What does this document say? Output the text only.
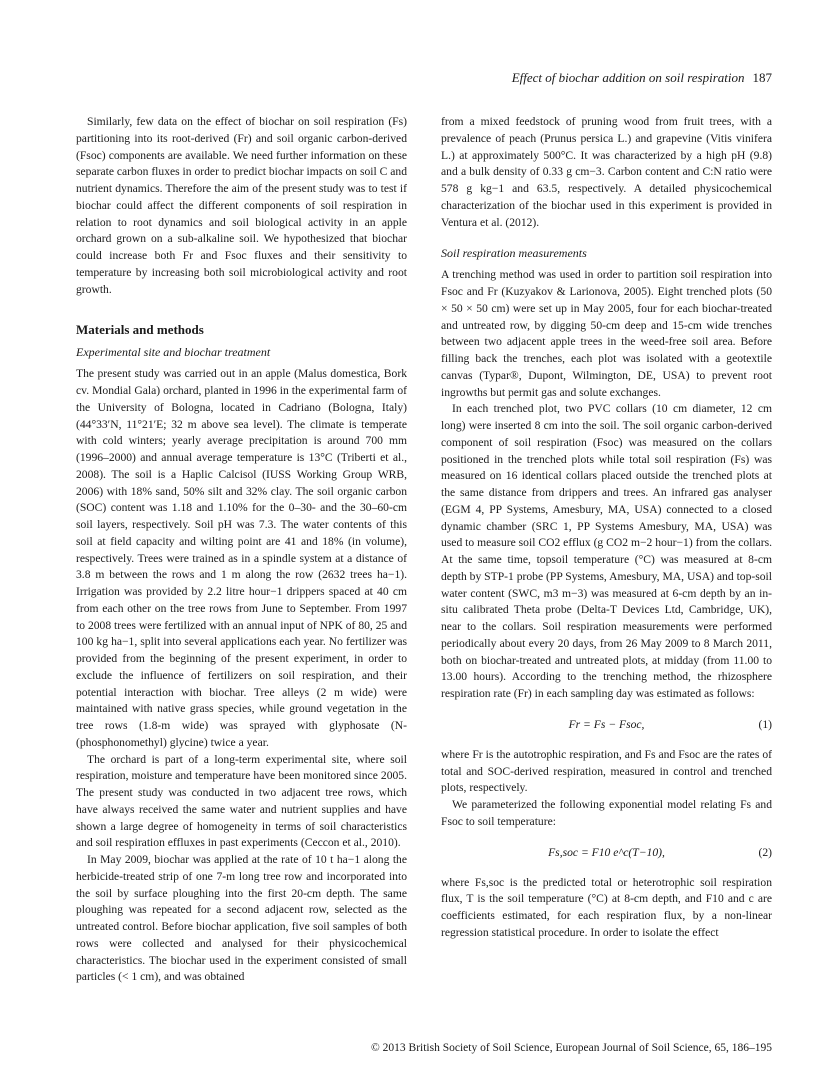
Effect of biochar addition on soil respiration 187

Similarly, few data on the effect of biochar on soil respiration (Fs) partitioning into its root-derived (Fr) and soil organic carbon-derived (Fsoc) components are available. We need further information on these separate carbon fluxes in order to predict biochar impacts on soil C and nutrient dynamics. Therefore the aim of the present study was to test if biochar could affect the different components of soil respiration in relation to root dynamics and soil biological activity in an apple orchard grown on a sub-alkaline soil. We hypothesized that biochar could increase both Fr and Fsoc fluxes and their sensitivity to temperature by increasing both soil microbiological activity and root growth.

Materials and methods
Experimental site and biochar treatment

The present study was carried out in an apple (Malus domestica, Bork cv. Mondial Gala) orchard, planted in 1996 in the experimental farm of the University of Bologna, located in Cadriano (Bologna, Italy) (44°33′N, 11°21′E; 32 m above sea level). The climate is temperate with cold winters; yearly average precipitation is around 700 mm (1996–2000) and annual average temperature is 13°C (Triberti et al., 2008). The soil is a Haplic Calcisol (IUSS Working Group WRB, 2006) with 18% sand, 50% silt and 32% clay. The soil organic carbon (SOC) content was 1.18 and 1.10% for the 0–30- and the 30–60-cm soil layers, respectively. Soil pH was 7.3. The water contents of this soil at field capacity and wilting point are 41 and 18% (in volume), respectively. Trees were trained as in a spindle system at a distance of 3.8 m between the rows and 1 m along the row (2632 trees ha−1). Irrigation was provided by 2.2 litre hour−1 drippers spaced at 40 cm from each other on the tree rows from June to September. From 1997 to 2008 trees were fertilized with an annual input of NPK of 80, 25 and 100 kg ha−1, split into several applications each year. No fertilizer was provided from the beginning of the present experiment, in order to exclude the influence of fertilizers on soil respiration, and their potential interaction with biochar. Tree alleys (2 m wide) were maintained with native grass species, while ground vegetation in the tree rows (1.8-m wide) was sprayed with glyphosate (N-(phosphonomethyl) glycine) twice a year.

The orchard is part of a long-term experimental site, where soil respiration, moisture and temperature have been monitored since 2005. The present study was conducted in two adjacent tree rows, which have always received the same water and nutrient supplies and have shown a large degree of homogeneity in terms of soil characteristics and soil respiration effluxes in past experiments (Ceccon et al., 2010).

In May 2009, biochar was applied at the rate of 10 t ha−1 along the herbicide-treated strip of one 7-m long tree row and incorporated into the soil by surface ploughing into the first 20-cm depth. The same ploughing was repeated for a second adjacent row, selected as the untreated control. Before biochar application, five soil samples of both rows were collected and analysed for their physicochemical characteristics. The biochar used in the experiment consisted of small particles (< 1 cm), and was obtained

from a mixed feedstock of pruning wood from fruit trees, with a prevalence of peach (Prunus persica L.) and grapevine (Vitis vinifera L.) at approximately 500°C. It was characterized by a high pH (9.8) and a bulk density of 0.33 g cm−3. Carbon content and C:N ratio were 578 g kg−1 and 63.5, respectively. A detailed physicochemical characterization of the biochar used in this experiment is provided in Ventura et al. (2012).

Soil respiration measurements

A trenching method was used in order to partition soil respiration into Fsoc and Fr (Kuzyakov & Larionova, 2005). Eight trenched plots (50 × 50 × 50 cm) were set up in May 2005, four for each biochar-treated and untreated row, by digging 50-cm deep and 15-cm wide trenches between two adjacent apple trees in the weed-free soil area. Before filling back the trenches, each plot was isolated with a geotextile canvas (Typar®, Dupont, Wilmington, DE, USA) to prevent root ingrowths but permit gas and solute exchanges.

In each trenched plot, two PVC collars (10 cm diameter, 12 cm long) were inserted 8 cm into the soil. The soil organic carbon-derived component of soil respiration (Fsoc) was measured on the collars positioned in the trenched plots while total soil respiration (Fs) was measured on 16 identical collars placed outside the trenched plots at the same distance from drippers and trees. An infrared gas analyser (EGM 4, PP Systems, Amesbury, MA, USA) connected to a closed dynamic chamber (SRC 1, PP Systems Amesbury, MA, USA) was used to measure soil CO2 efflux (g CO2 m−2 hour−1) from the collars. At the same time, topsoil temperature (°C) was measured at 8-cm depth by STP-1 probe (PP Systems, Amesbury, MA, USA) and top-soil water content (SWC, m3 m−3) was measured at 6-cm depth by an in-situ calibrated Theta probe (Delta-T Devices Ltd, Cambridge, UK), near to the collars. Soil respiration measurements were performed periodically about every 20 days, from 26 May 2009 to 8 March 2011, both on biochar-treated and untreated plots, at midday (from 11.00 to 13.00 hours). According to the trenching method, the rhizosphere respiration rate (Fr) in each sampling day was estimated as follows:

Fr = Fs − Fsoc,	(1)

where Fr is the autotrophic respiration, and Fs and Fsoc are the rates of total and SOC-derived respiration, measured in control and trenched plots, respectively.

We parameterized the following exponential model relating Fs and Fsoc to soil temperature:

Fs,soc = F10 e^c(T−10),	(2)

where Fs,soc is the predicted total or heterotrophic soil respiration flux, T is the soil temperature (°C) at 8-cm depth, and F10 and c are coefficients estimated, for each respiration flux, by a non-linear regression statistical procedure. In order to isolate the effect

© 2013 British Society of Soil Science, European Journal of Soil Science, 65, 186–195
